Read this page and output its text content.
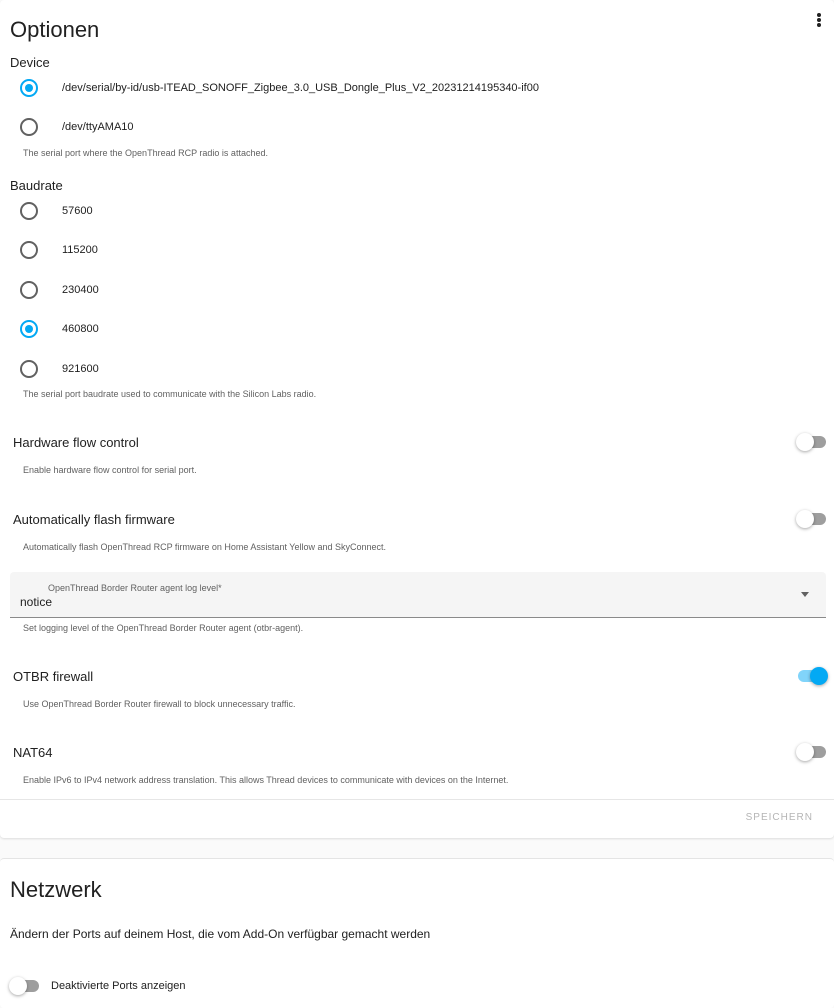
Optionen
Device
/dev/serial/by-id/usb-ITEAD_SONOFF_Zigbee_3.0_USB_Dongle_Plus_V2_20231214195340-if00
/dev/ttyAMA10
The serial port where the OpenThread RCP radio is attached.
Baudrate
57600
115200
230400
460800
921600
The serial port baudrate used to communicate with the Silicon Labs radio.
Hardware flow control
Enable hardware flow control for serial port.
Automatically flash firmware
Automatically flash OpenThread RCP firmware on Home Assistant Yellow and SkyConnect.
OpenThread Border Router agent log level*
notice
Set logging level of the OpenThread Border Router agent (otbr-agent).
OTBR firewall
Use OpenThread Border Router firewall to block unnecessary traffic.
NAT64
Enable IPv6 to IPv4 network address translation. This allows Thread devices to communicate with devices on the Internet.
SPEICHERN
Netzwerk
Ändern der Ports auf deinem Host, die vom Add-On verfügbar gemacht werden
Deaktivierte Ports anzeigen
